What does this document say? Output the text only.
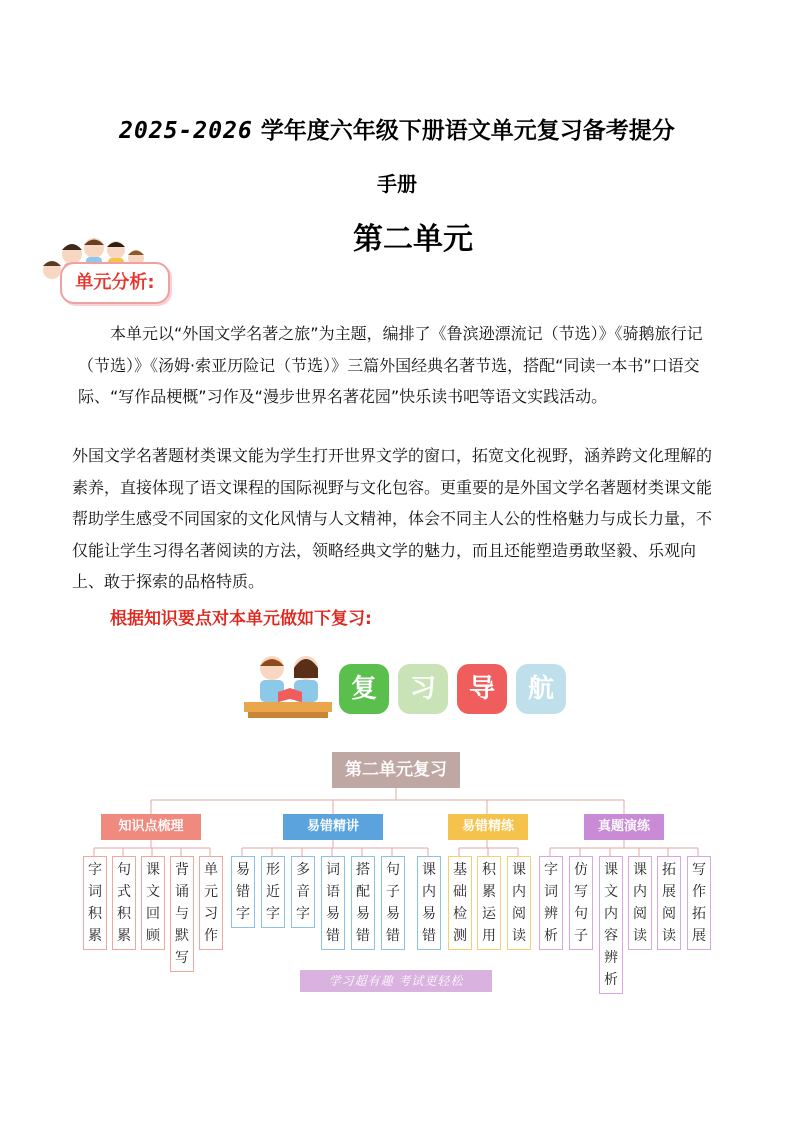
2025-2026 学年度六年级下册语文单元复习备考提分
手册
第二单元
单元分析:
本单元以“外国文学名著之旅”为主题，编排了《鲁滨逊漂流记（节选）》《骑鹅旅行记（节选）》《汤姆·索亚历险记（节选）》三篇外国经典名著节选，搭配“同读一本书”口语交际、“写作品梗概”习作及“漫步世界名著花园”快乐读书吧等语文实践活动。
外国文学名著题材类课文能为学生打开世界文学的窗口，拓宽文化视野，涵养跨文化理解的素养，直接体现了语文课程的国际视野与文化包容。更重要的是外国文学名著题材类课文能帮助学生感受不同国家的文化风情与人文精神，体会不同主人公的性格魅力与成长力量，不仅能让学生习得名著阅读的方法，领略经典文学的魅力，而且还能塑造勇敢坚毅、乐观向上、敢于探索的品格特质。
根据知识要点对本单元做如下复习:
复	习	导	航
第二单元复习
知识点梳理	易错精讲	易错精练	真题演练
字
词
积
累
句
式
积
累
课
文
回
顾
背
诵
与
默
写
单
元
习
作
易
错
字
形
近
字
多
音
字
词
语
易
错
搭
配
易
错
句
子
易
错
课
内
易
错
基
础
检
测
积
累
运
用
课
内
阅
读
字
词
辨
析
仿
写
句
子
课
文
内
容
辨
析
课
内
阅
读
拓
展
阅
读
写
作
拓
展
学习超有趣 考试更轻松
